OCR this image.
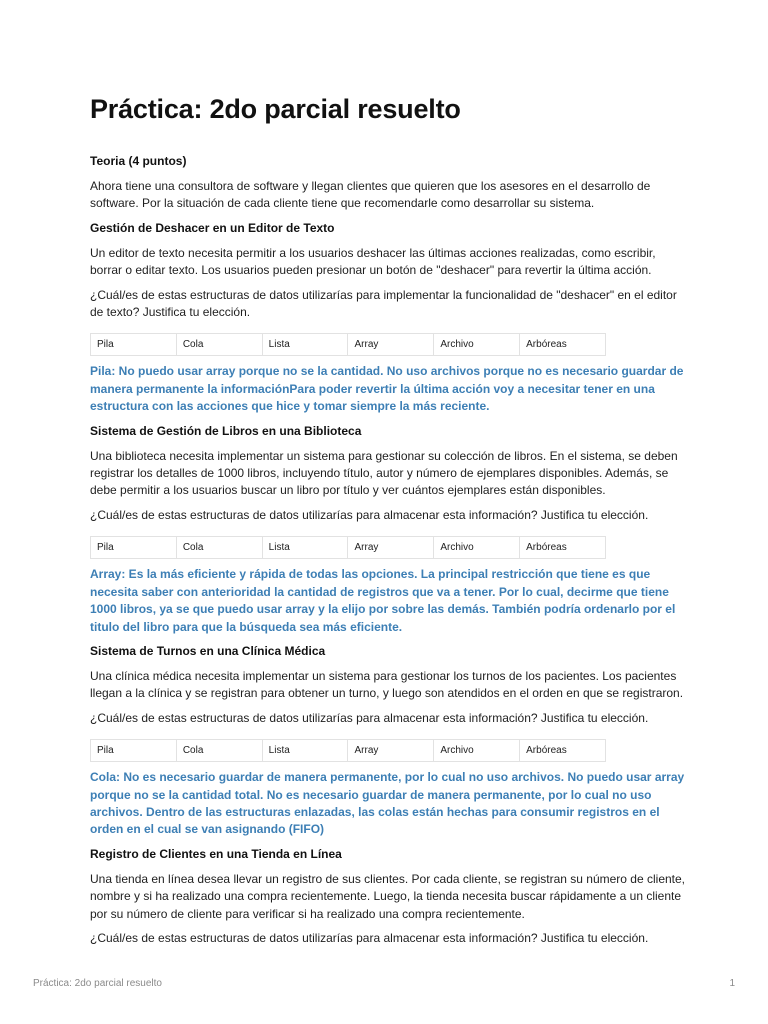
Práctica: 2do parcial resuelto
Teoria (4 puntos)

Ahora tiene una consultora de software y llegan clientes que quieren que los asesores en el desarrollo de software. Por la situación de cada cliente tiene que recomendarle como desarrollar su sistema.

Gestión de Deshacer en un Editor de Texto

Un editor de texto necesita permitir a los usuarios deshacer las últimas acciones realizadas, como escribir, borrar o editar texto. Los usuarios pueden presionar un botón de "deshacer" para revertir la última acción.

¿Cuál/es de estas estructuras de datos utilizarías para implementar la funcionalidad de "deshacer" en el editor de texto? Justifica tu elección.

Pila	Cola	Lista	Array	Archivo	Arbóreas

Pila: No puedo usar array porque no se la cantidad. No uso archivos porque no es necesario guardar de manera permanente la informaciónPara poder revertir la última acción voy a necesitar tener en una estructura con las acciones que hice y tomar siempre la más reciente.

Sistema de Gestión de Libros en una Biblioteca

Una biblioteca necesita implementar un sistema para gestionar su colección de libros. En el sistema, se deben registrar los detalles de 1000 libros, incluyendo título, autor y número de ejemplares disponibles. Además, se debe permitir a los usuarios buscar un libro por título y ver cuántos ejemplares están disponibles.

¿Cuál/es de estas estructuras de datos utilizarías para almacenar esta información? Justifica tu elección.

Pila	Cola	Lista	Array	Archivo	Arbóreas

Array: Es la más eficiente y rápida de todas las opciones. La principal restricción que tiene es que necesita saber con anterioridad la cantidad de registros que va a tener. Por lo cual, decirme que tiene 1000 libros, ya se que puedo usar array y la elijo por sobre las demás. También podría ordenarlo por el titulo del libro para que la búsqueda sea más eficiente.

Sistema de Turnos en una Clínica Médica

Una clínica médica necesita implementar un sistema para gestionar los turnos de los pacientes. Los pacientes llegan a la clínica y se registran para obtener un turno, y luego son atendidos en el orden en que se registraron.

¿Cuál/es de estas estructuras de datos utilizarías para almacenar esta información? Justifica tu elección.

Pila	Cola	Lista	Array	Archivo	Arbóreas

Cola: No es necesario guardar de manera permanente, por lo cual no uso archivos. No puedo usar array porque no se la cantidad total. No es necesario guardar de manera permanente, por lo cual no uso archivos. Dentro de las estructuras enlazadas, las colas están hechas para consumir registros en el orden en el cual se van asignando (FIFO)

Registro de Clientes en una Tienda en Línea

Una tienda en línea desea llevar un registro de sus clientes. Por cada cliente, se registran su número de cliente, nombre y si ha realizado una compra recientemente. Luego, la tienda necesita buscar rápidamente a un cliente por su número de cliente para verificar si ha realizado una compra recientemente.

¿Cuál/es de estas estructuras de datos utilizarías para almacenar esta información? Justifica tu elección.

Práctica: 2do parcial resuelto	1
